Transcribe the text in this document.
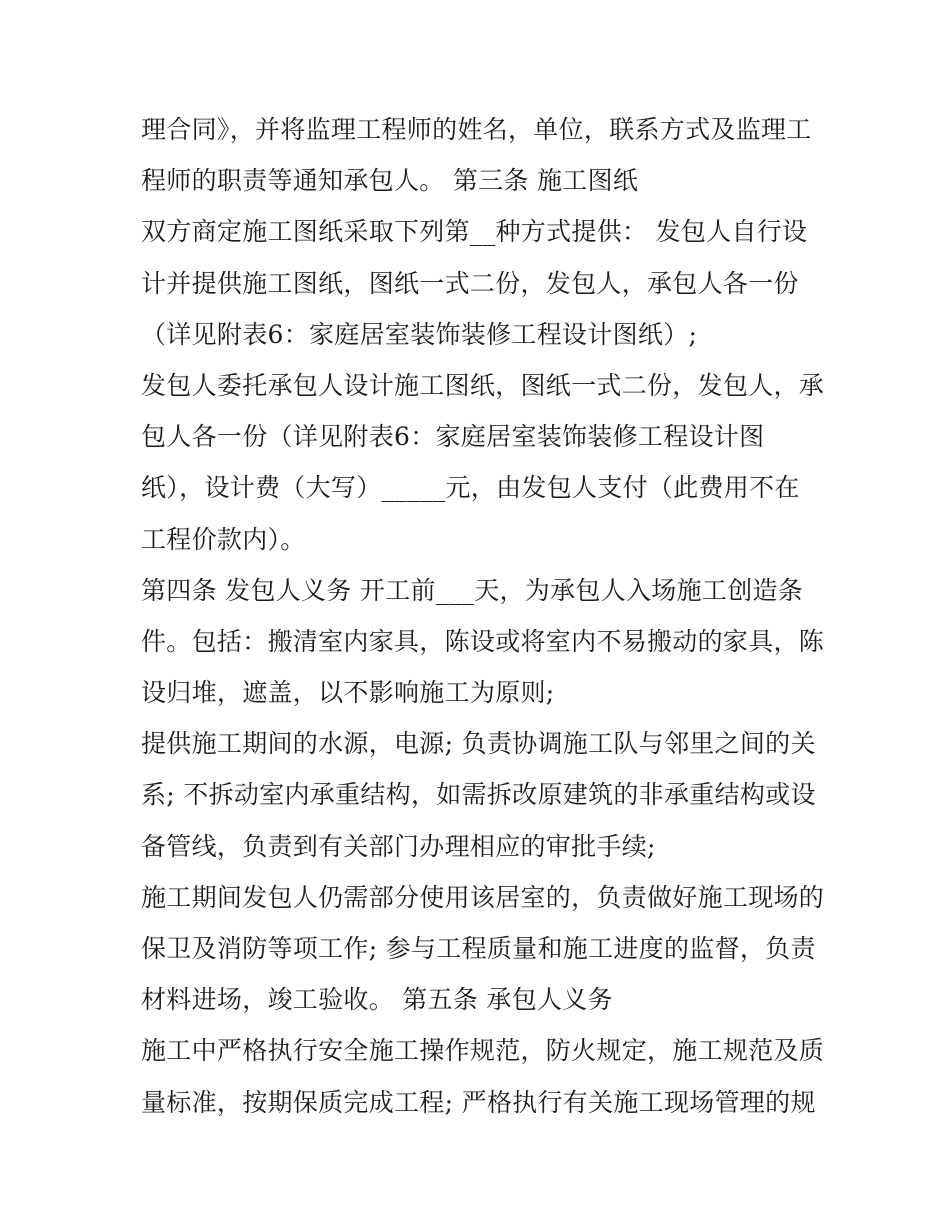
理合同》，并将监理工程师的姓名，单位，联系方式及监理工
程师的职责等通知承包人。 第三条 施工图纸
双方商定施工图纸采取下列第__种方式提供： 发包人自行设
计并提供施工图纸，图纸一式二份，发包人，承包人各一份
（详见附表6：家庭居室装饰装修工程设计图纸）;
发包人委托承包人设计施工图纸，图纸一式二份，发包人，承
包人各一份（详见附表6：家庭居室装饰装修工程设计图
纸），设计费（大写）_____元，由发包人支付（此费用不在
工程价款内）。
第四条 发包人义务 开工前___天，为承包人入场施工创造条
件。包括：搬清室内家具，陈设或将室内不易搬动的家具，陈
设归堆，遮盖，以不影响施工为原则;
提供施工期间的水源，电源; 负责协调施工队与邻里之间的关
系; 不拆动室内承重结构，如需拆改原建筑的非承重结构或设
备管线，负责到有关部门办理相应的审批手续;
施工期间发包人仍需部分使用该居室的，负责做好施工现场的
保卫及消防等项工作; 参与工程质量和施工进度的监督，负责
材料进场，竣工验收。 第五条 承包人义务
施工中严格执行安全施工操作规范，防火规定，施工规范及质
量标准，按期保质完成工程; 严格执行有关施工现场管理的规
